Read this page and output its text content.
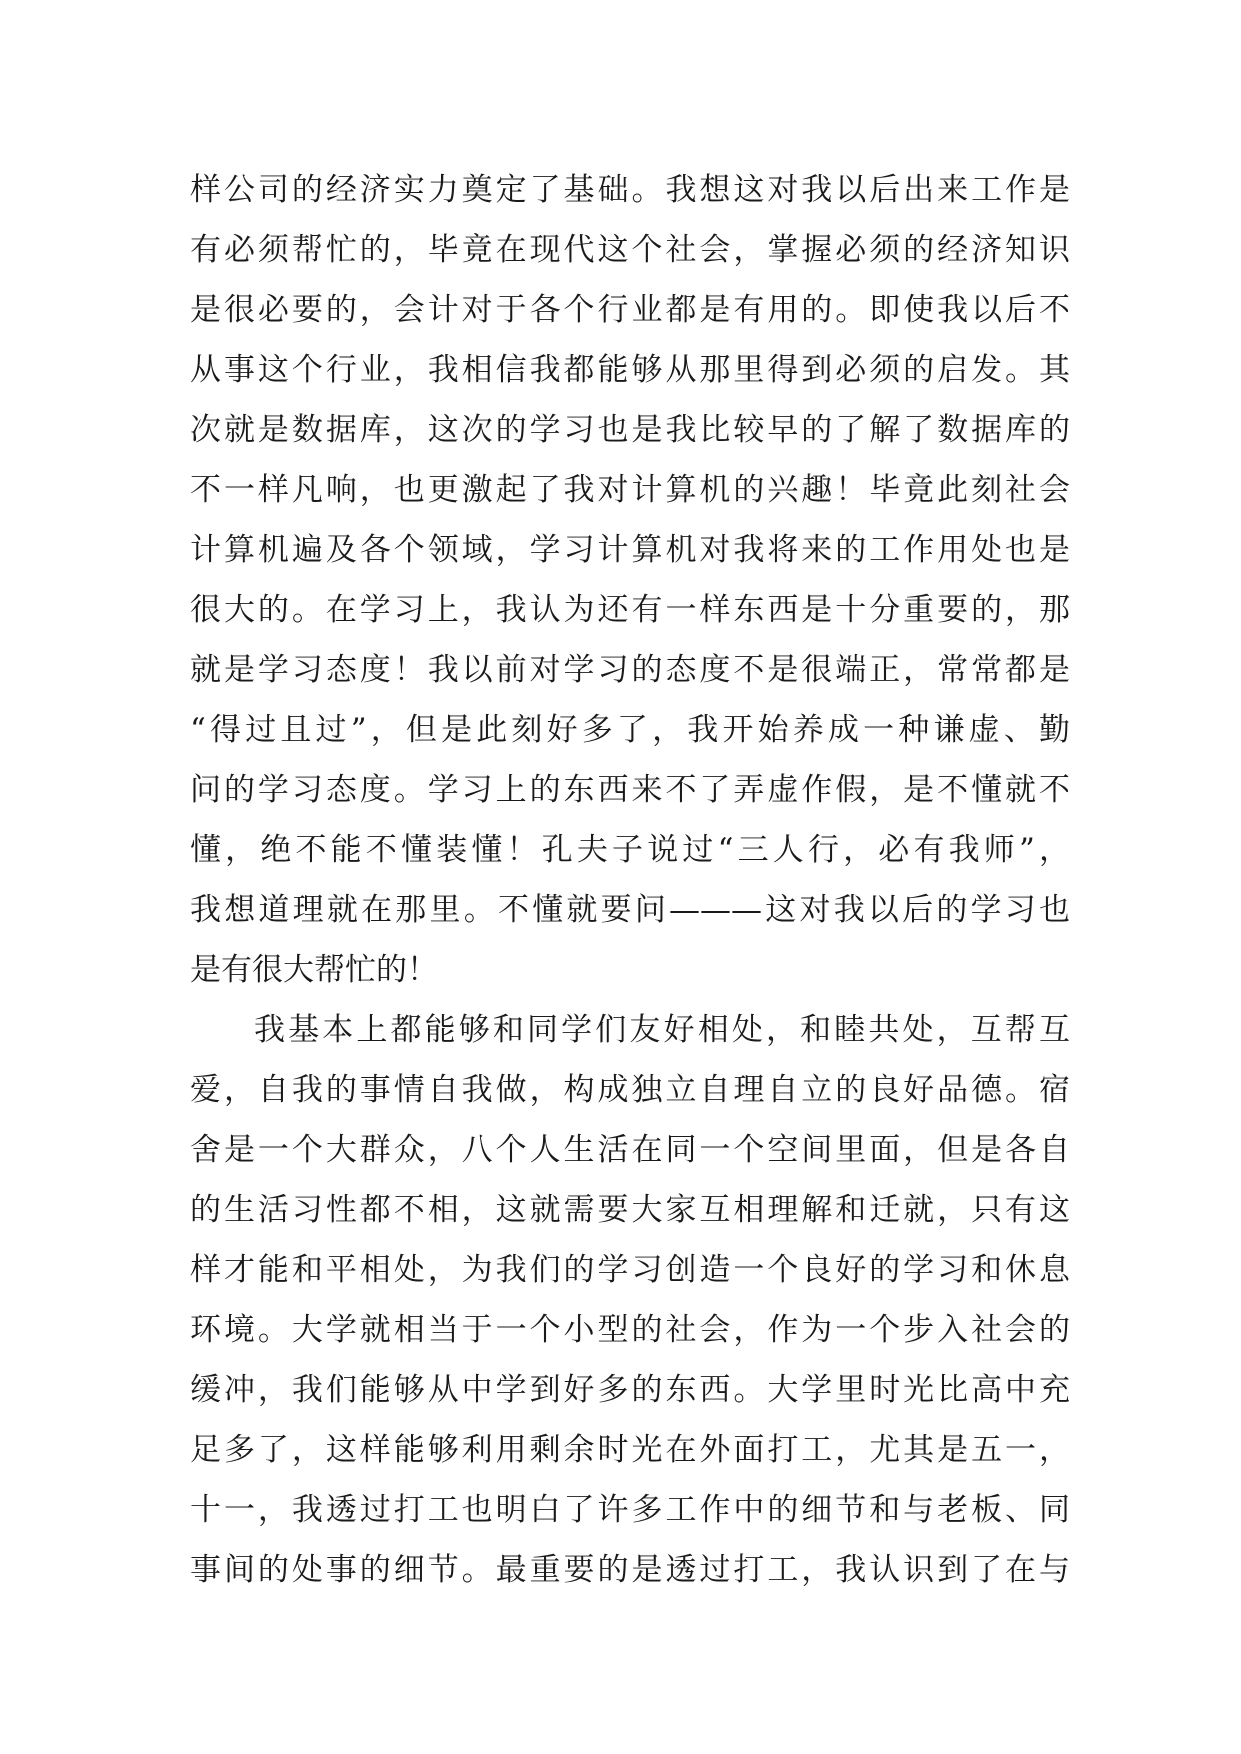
样公司的经济实力奠定了基础。我想这对我以后出来工作是
有必须帮忙的，毕竟在现代这个社会，掌握必须的经济知识
是很必要的，会计对于各个行业都是有用的。即使我以后不
从事这个行业，我相信我都能够从那里得到必须的启发。其
次就是数据库，这次的学习也是我比较早的了解了数据库的
不一样凡响，也更激起了我对计算机的兴趣！毕竟此刻社会
计算机遍及各个领域，学习计算机对我将来的工作用处也是
很大的。在学习上，我认为还有一样东西是十分重要的，那
就是学习态度！我以前对学习的态度不是很端正，常常都是
“得过且过”，但是此刻好多了，我开始养成一种谦虚、勤
问的学习态度。学习上的东西来不了弄虚作假，是不懂就不
懂，绝不能不懂装懂！孔夫子说过“三人行，必有我师”，
我想道理就在那里。不懂就要问———这对我以后的学习也
是有很大帮忙的！
我基本上都能够和同学们友好相处，和睦共处，互帮互
爱，自我的事情自我做，构成独立自理自立的良好品德。宿
舍是一个大群众，八个人生活在同一个空间里面，但是各自
的生活习性都不相，这就需要大家互相理解和迁就，只有这
样才能和平相处，为我们的学习创造一个良好的学习和休息
环境。大学就相当于一个小型的社会，作为一个步入社会的
缓冲，我们能够从中学到好多的东西。大学里时光比高中充
足多了，这样能够利用剩余时光在外面打工，尤其是五一，
十一，我透过打工也明白了许多工作中的细节和与老板、同
事间的处事的细节。最重要的是透过打工，我认识到了在与
